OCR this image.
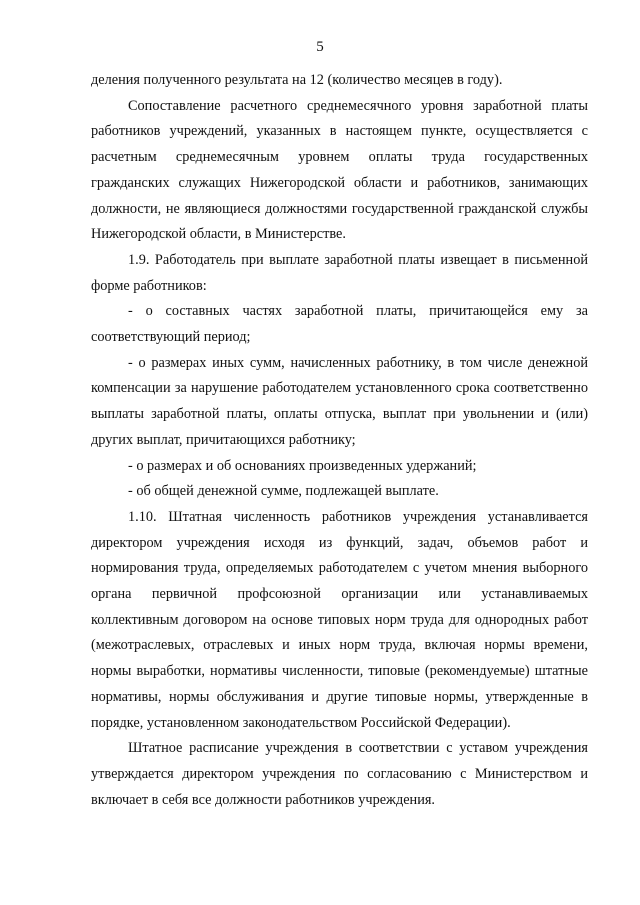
5

деления полученного результата на 12 (количество месяцев в году).

Сопоставление расчетного среднемесячного уровня заработной платы работников учреждений, указанных в настоящем пункте, осуществляется с расчетным среднемесячным уровнем оплаты труда государственных гражданских служащих Нижегородской области и работников, занимающих должности, не являющиеся должностями государственной гражданской службы Нижегородской области, в Министерстве.

1.9. Работодатель при выплате заработной платы извещает в письменной форме работников:

- о составных частях заработной платы, причитающейся ему за соответствующий период;

- о размерах иных сумм, начисленных работнику, в том числе денежной компенсации за нарушение работодателем установленного срока соответственно выплаты заработной платы, оплаты отпуска, выплат при увольнении и (или) других выплат, причитающихся работнику;

- о размерах и об основаниях произведенных удержаний;

- об общей денежной сумме, подлежащей выплате.

1.10. Штатная численность работников учреждения устанавливается директором учреждения исходя из функций, задач, объемов работ и нормирования труда, определяемых работодателем с учетом мнения выборного органа первичной профсоюзной организации или устанавливаемых коллективным договором на основе типовых норм труда для однородных работ (межотраслевых, отраслевых и иных норм труда, включая нормы времени, нормы выработки, нормативы численности, типовые (рекомендуемые) штатные нормативы, нормы обслуживания и другие типовые нормы, утвержденные в порядке, установленном законодательством Российской Федерации).

Штатное расписание учреждения в соответствии с уставом учреждения утверждается директором учреждения по согласованию с Министерством и включает в себя все должности работников учреждения.
